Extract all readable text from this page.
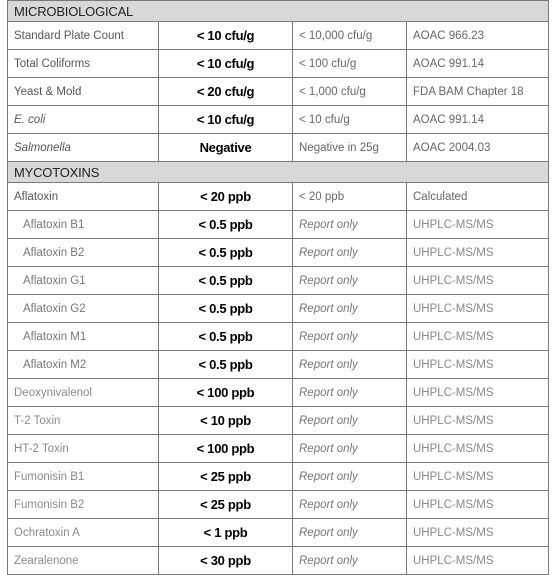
MICROBIOLOGICAL			
Standard Plate Count	< 10 cfu/g	< 10,000 cfu/g	AOAC 966.23
Total Coliforms	< 10 cfu/g	< 100 cfu/g	AOAC 991.14
Yeast & Mold	< 20 cfu/g	< 1,000 cfu/g	FDA BAM Chapter 18
E. coli	< 10 cfu/g	< 10 cfu/g	AOAC 991.14
Salmonella	Negative	Negative in 25g	AOAC 2004.03
MYCOTOXINS			
Aflatoxin	< 20 ppb	< 20 ppb	Calculated
Aflatoxin B1	< 0.5 ppb	Report only	UHPLC-MS/MS
Aflatoxin B2	< 0.5 ppb	Report only	UHPLC-MS/MS
Aflatoxin G1	< 0.5 ppb	Report only	UHPLC-MS/MS
Aflatoxin G2	< 0.5 ppb	Report only	UHPLC-MS/MS
Aflatoxin M1	< 0.5 ppb	Report only	UHPLC-MS/MS
Aflatoxin M2	< 0.5 ppb	Report only	UHPLC-MS/MS
Deoxynivalenol	< 100 ppb	Report only	UHPLC-MS/MS
T-2 Toxin	< 10 ppb	Report only	UHPLC-MS/MS
HT-2 Toxin	< 100 ppb	Report only	UHPLC-MS/MS
Fumonisin B1	< 25 ppb	Report only	UHPLC-MS/MS
Fumonisin B2	< 25 ppb	Report only	UHPLC-MS/MS
Ochratoxin A	< 1 ppb	Report only	UHPLC-MS/MS
Zearalenone	< 30 ppb	Report only	UHPLC-MS/MS
